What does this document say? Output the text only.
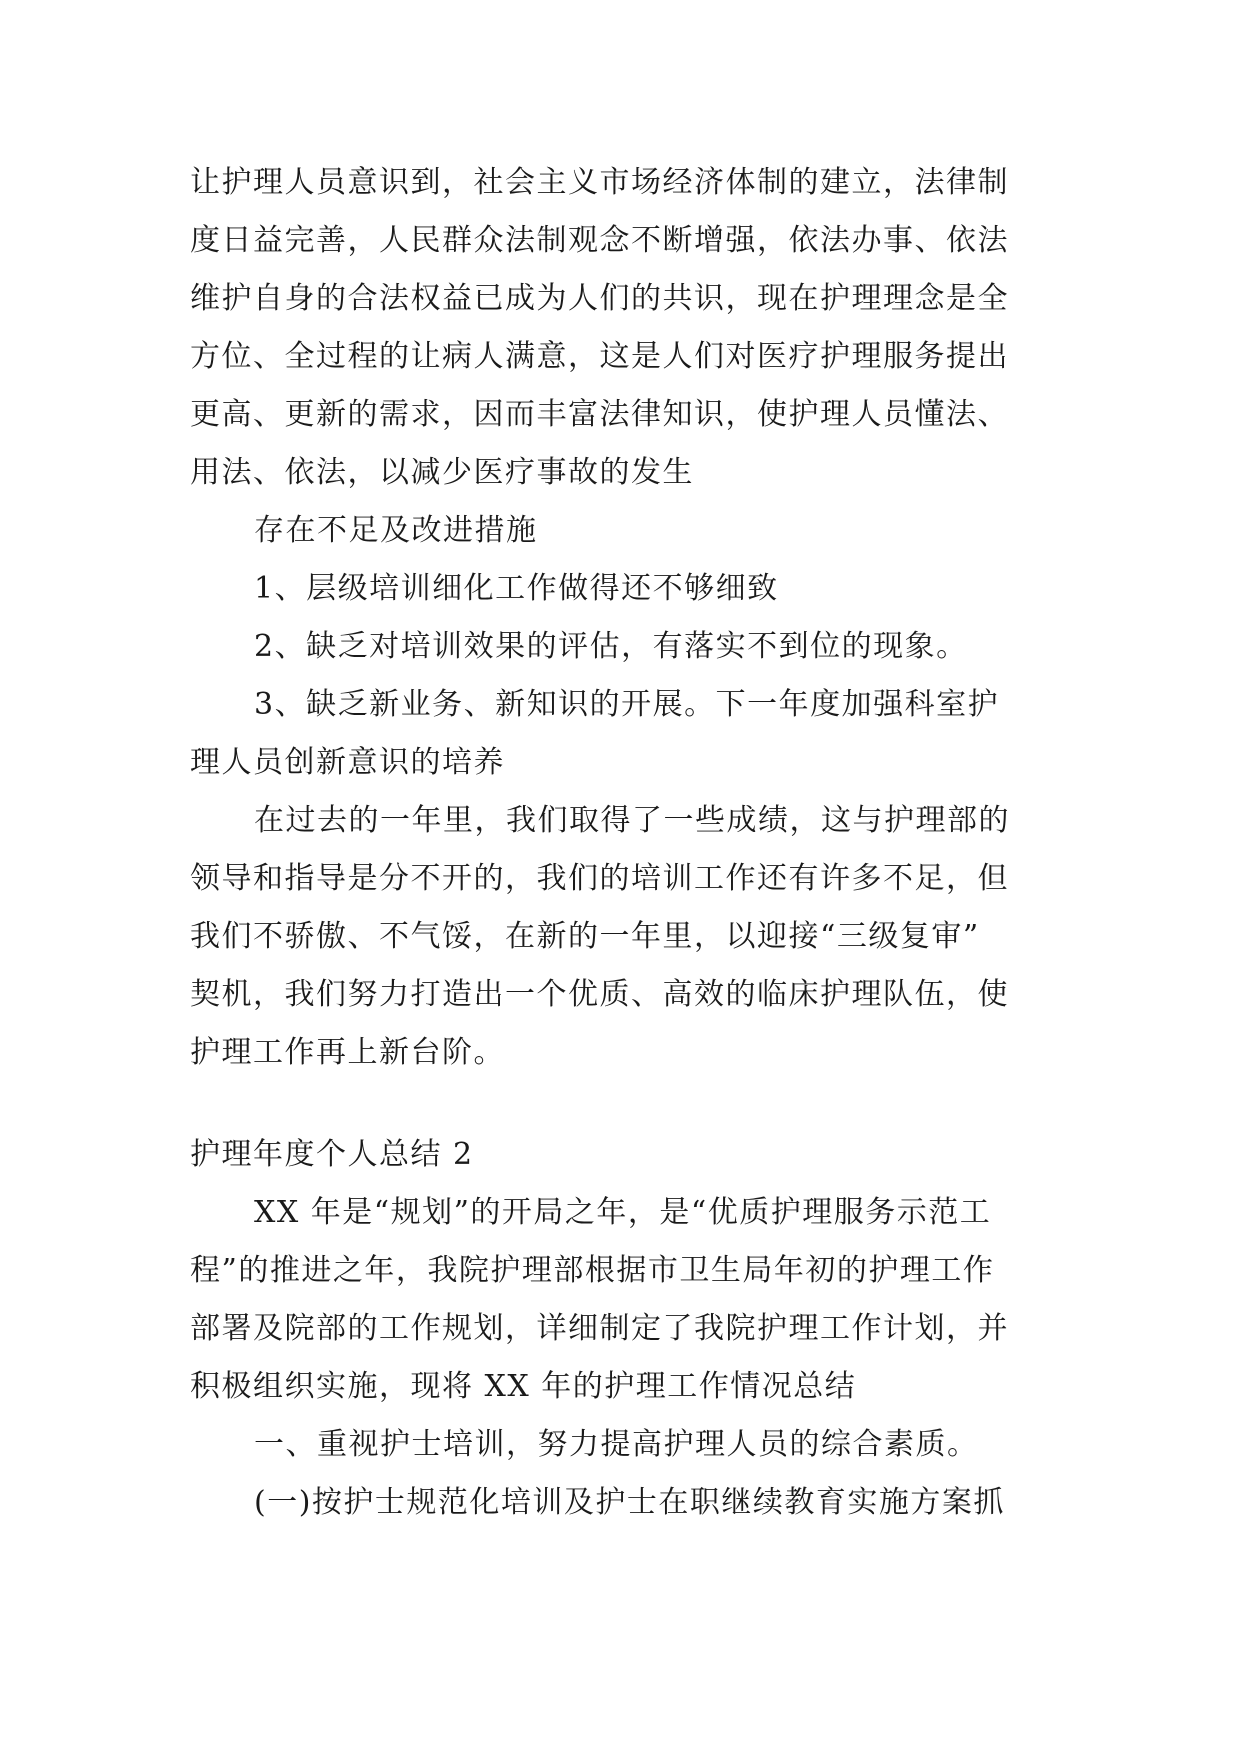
让护理人员意识到，社会主义市场经济体制的建立，法律制
度日益完善，人民群众法制观念不断增强，依法办事、依法
维护自身的合法权益已成为人们的共识，现在护理理念是全
方位、全过程的让病人满意，这是人们对医疗护理服务提出
更高、更新的需求，因而丰富法律知识，使护理人员懂法、
用法、依法，以减少医疗事故的发生
存在不足及改进措施
1、层级培训细化工作做得还不够细致
2、缺乏对培训效果的评估，有落实不到位的现象。
3、缺乏新业务、新知识的开展。下一年度加强科室护
理人员创新意识的培养
在过去的一年里，我们取得了一些成绩，这与护理部的
领导和指导是分不开的，我们的培训工作还有许多不足，但
我们不骄傲、不气馁，在新的一年里，以迎接“三级复审”
契机，我们努力打造出一个优质、高效的临床护理队伍，使
护理工作再上新台阶。
护理年度个人总结 2
XX 年是“规划”的开局之年，是“优质护理服务示范工
程”的推进之年，我院护理部根据市卫生局年初的护理工作
部署及院部的工作规划，详细制定了我院护理工作计划，并
积极组织实施，现将 XX 年的护理工作情况总结
一、重视护士培训，努力提高护理人员的综合素质。
(一)按护士规范化培训及护士在职继续教育实施方案抓
